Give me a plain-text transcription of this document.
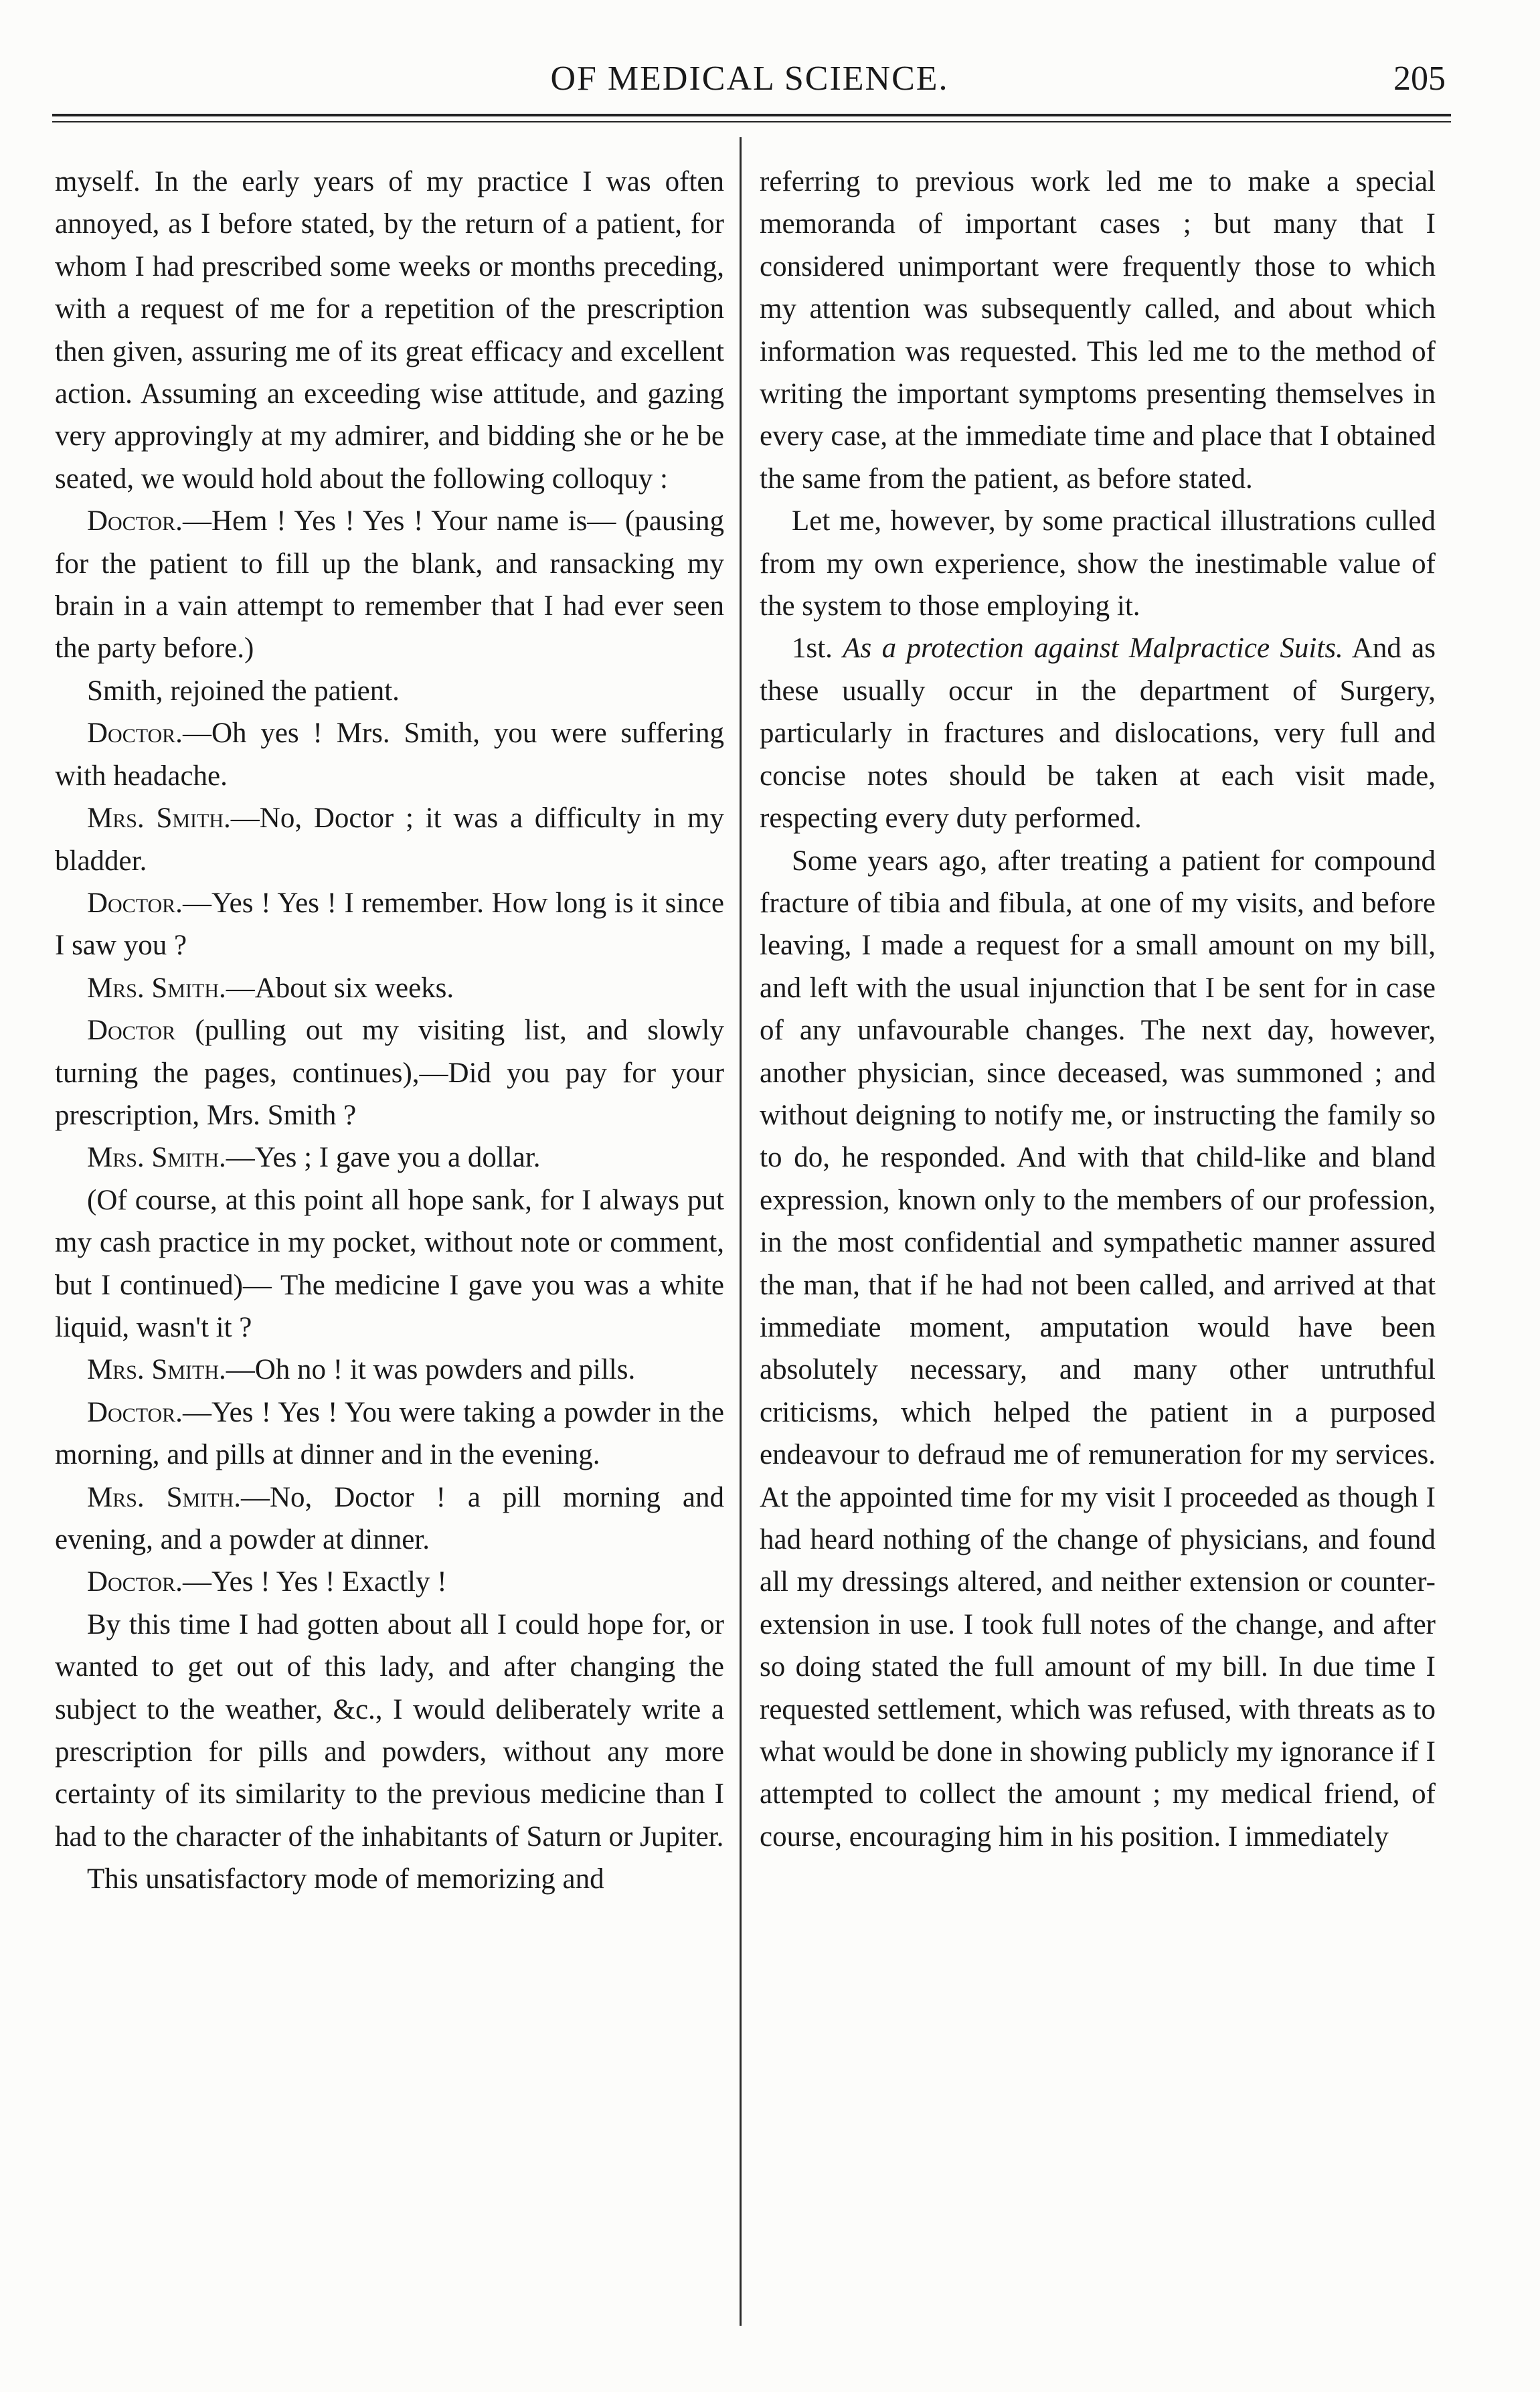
OF MEDICAL SCIENCE.	205

myself. In the early years of my practice I was often annoyed, as I before stated, by the return of a patient, for whom I had prescribed some weeks or months preceding, with a request of me for a repetition of the prescription then given, assuring me of its great efficacy and excellent action. Assuming an exceeding wise attitude, and gazing very approvingly at my admirer, and bidding she or he be seated, we would hold about the following colloquy :

Doctor.—Hem ! Yes ! Yes ! Your name is— (pausing for the patient to fill up the blank, and ransacking my brain in a vain attempt to remember that I had ever seen the party before.)

Smith, rejoined the patient.

Doctor.—Oh yes ! Mrs. Smith, you were suffering with headache.

Mrs. Smith.—No, Doctor ; it was a difficulty in my bladder.

Doctor.—Yes ! Yes ! I remember. How long is it since I saw you ?

Mrs. Smith.—About six weeks.

Doctor (pulling out my visiting list, and slowly turning the pages, continues),—Did you pay for your prescription, Mrs. Smith ?

Mrs. Smith.—Yes ; I gave you a dollar.

(Of course, at this point all hope sank, for I always put my cash practice in my pocket, without note or comment, but I continued)— The medicine I gave you was a white liquid, wasn't it ?

Mrs. Smith.—Oh no ! it was powders and pills.

Doctor.—Yes ! Yes ! You were taking a powder in the morning, and pills at dinner and in the evening.

Mrs. Smith.—No, Doctor ! a pill morning and evening, and a powder at dinner.

Doctor.—Yes ! Yes ! Exactly !

By this time I had gotten about all I could hope for, or wanted to get out of this lady, and after changing the subject to the weather, &c., I would deliberately write a prescription for pills and powders, without any more certainty of its similarity to the previous medicine than I had to the character of the inhabitants of Saturn or Jupiter.

This unsatisfactory mode of memorizing and

referring to previous work led me to make a special memoranda of important cases ; but many that I considered unimportant were frequently those to which my attention was subsequently called, and about which information was requested. This led me to the method of writing the important symptoms presenting themselves in every case, at the immediate time and place that I obtained the same from the patient, as before stated.

Let me, however, by some practical illustrations culled from my own experience, show the inestimable value of the system to those employing it.

1st. As a protection against Malpractice Suits. And as these usually occur in the department of Surgery, particularly in fractures and dislocations, very full and concise notes should be taken at each visit made, respecting every duty performed.

Some years ago, after treating a patient for compound fracture of tibia and fibula, at one of my visits, and before leaving, I made a request for a small amount on my bill, and left with the usual injunction that I be sent for in case of any unfavourable changes. The next day, however, another physician, since deceased, was summoned ; and without deigning to notify me, or instructing the family so to do, he responded. And with that child-like and bland expression, known only to the members of our profession, in the most confidential and sympathetic manner assured the man, that if he had not been called, and arrived at that immediate moment, amputation would have been absolutely necessary, and many other untruthful criticisms, which helped the patient in a purposed endeavour to defraud me of remuneration for my services. At the appointed time for my visit I proceeded as though I had heard nothing of the change of physicians, and found all my dressings altered, and neither extension or counter-extension in use. I took full notes of the change, and after so doing stated the full amount of my bill. In due time I requested settlement, which was refused, with threats as to what would be done in showing publicly my ignorance if I attempted to collect the amount ; my medical friend, of course, encouraging him in his position. I immediately
